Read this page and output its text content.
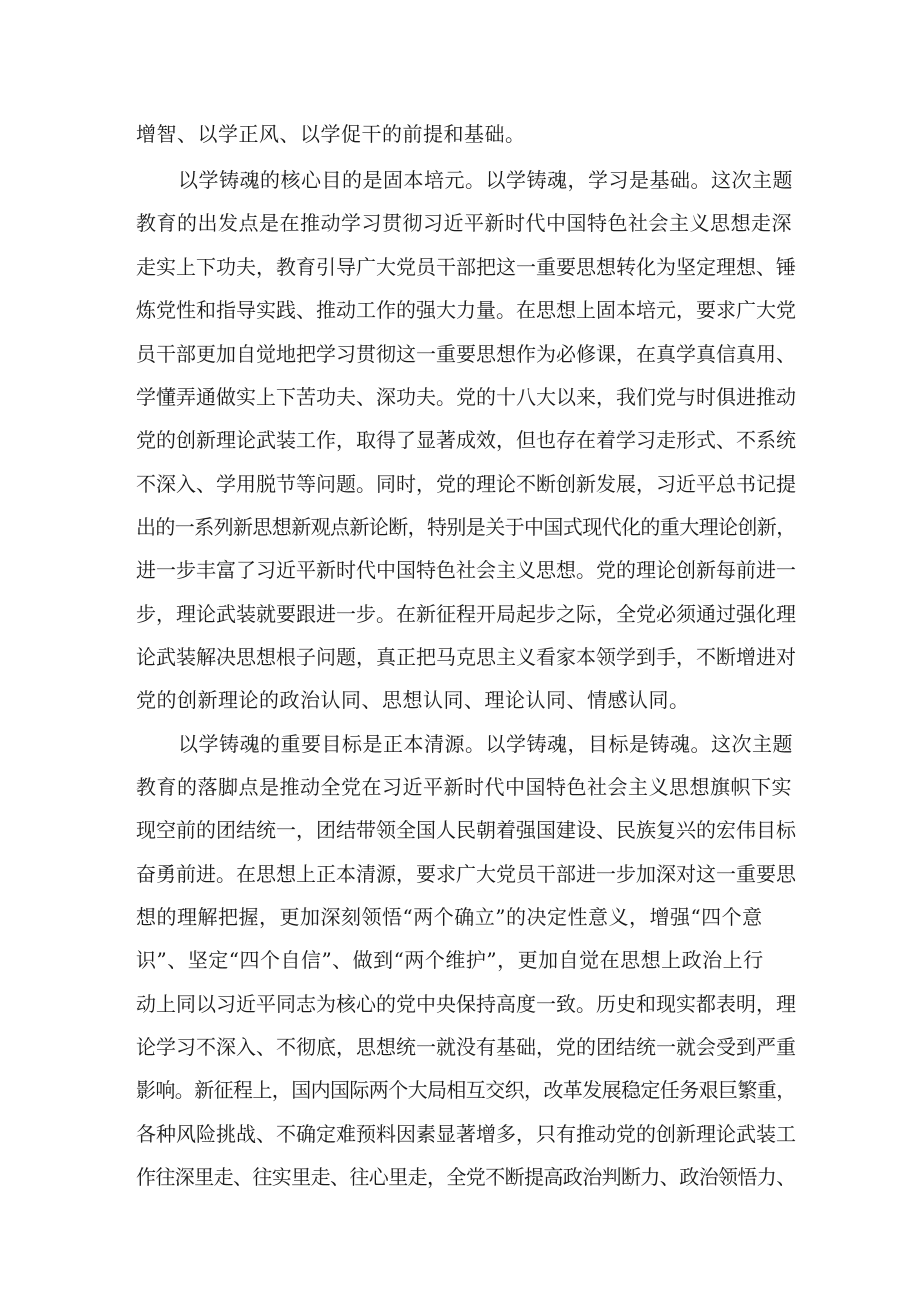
增智、以学正风、以学促干的前提和基础。
以学铸魂的核心目的是固本培元。以学铸魂，学习是基础。这次主题
教育的出发点是在推动学习贯彻习近平新时代中国特色社会主义思想走深
走实上下功夫，教育引导广大党员干部把这一重要思想转化为坚定理想、锤
炼党性和指导实践、推动工作的强大力量。在思想上固本培元，要求广大党
员干部更加自觉地把学习贯彻这一重要思想作为必修课，在真学真信真用、
学懂弄通做实上下苦功夫、深功夫。党的十八大以来，我们党与时俱进推动
党的创新理论武装工作，取得了显著成效，但也存在着学习走形式、不系统
不深入、学用脱节等问题。同时，党的理论不断创新发展，习近平总书记提
出的一系列新思想新观点新论断，特别是关于中国式现代化的重大理论创新，
进一步丰富了习近平新时代中国特色社会主义思想。党的理论创新每前进一
步，理论武装就要跟进一步。在新征程开局起步之际，全党必须通过强化理
论武装解决思想根子问题，真正把马克思主义看家本领学到手，不断增进对
党的创新理论的政治认同、思想认同、理论认同、情感认同。
以学铸魂的重要目标是正本清源。以学铸魂，目标是铸魂。这次主题
教育的落脚点是推动全党在习近平新时代中国特色社会主义思想旗帜下实
现空前的团结统一，团结带领全国人民朝着强国建设、民族复兴的宏伟目标
奋勇前进。在思想上正本清源，要求广大党员干部进一步加深对这一重要思
想的理解把握，更加深刻领悟“两个确立”的决定性意义，增强“四个意
识”、坚定“四个自信”、做到“两个维护”，更加自觉在思想上政治上行
动上同以习近平同志为核心的党中央保持高度一致。历史和现实都表明，理
论学习不深入、不彻底，思想统一就没有基础，党的团结统一就会受到严重
影响。新征程上，国内国际两个大局相互交织，改革发展稳定任务艰巨繁重，
各种风险挑战、不确定难预料因素显著增多，只有推动党的创新理论武装工
作往深里走、往实里走、往心里走，全党不断提高政治判断力、政治领悟力、
